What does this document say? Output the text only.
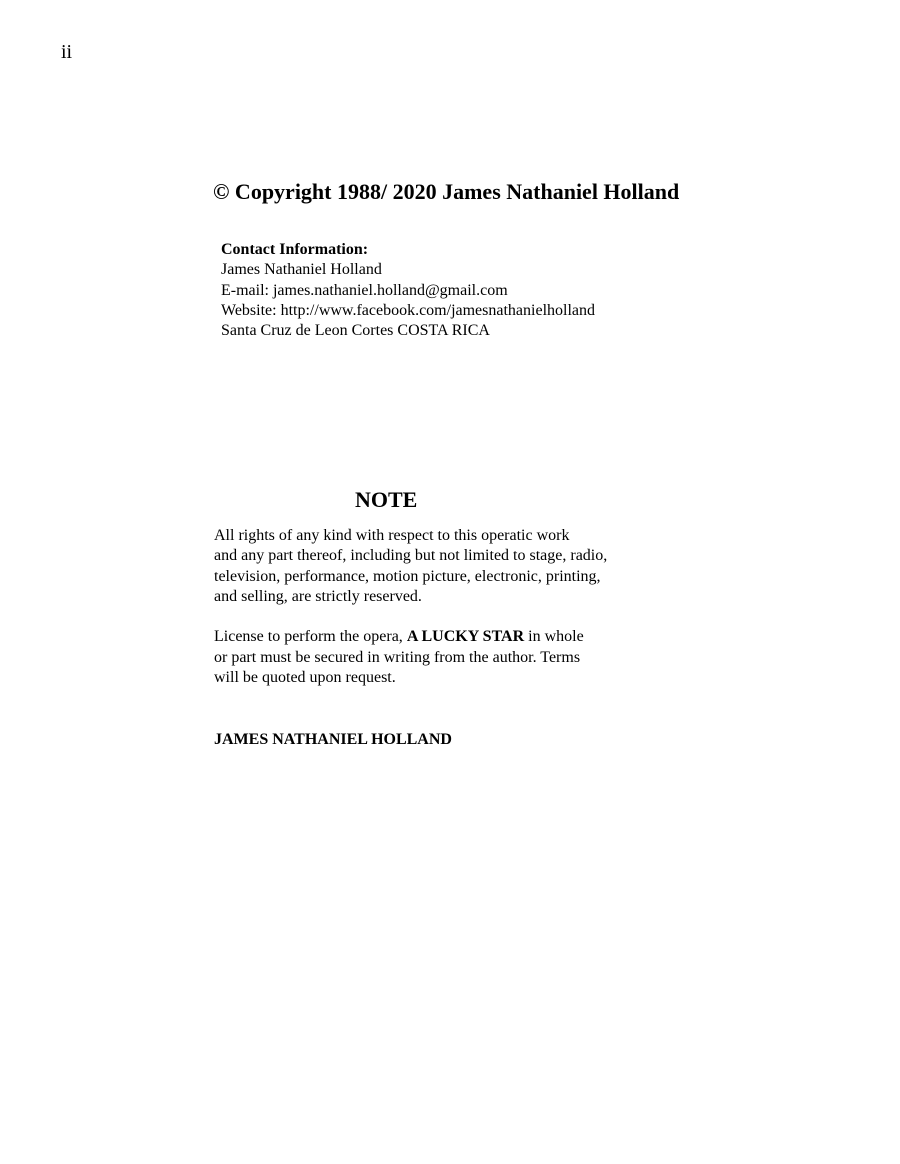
ii
© Copyright 1988/ 2020 James Nathaniel Holland
Contact Information:
James Nathaniel Holland
E-mail: james.nathaniel.holland@gmail.com
Website: http://www.facebook.com/jamesnathanielholland
Santa Cruz de Leon Cortes COSTA RICA
NOTE
All rights of any kind with respect to this operatic work
and any part thereof, including but not limited to stage, radio,
television, performance, motion picture, electronic, printing,
and selling, are strictly reserved.
License to perform the opera, A LUCKY STAR in whole
or part must be secured in writing from the author. Terms
will be quoted upon request.
JAMES NATHANIEL HOLLAND
